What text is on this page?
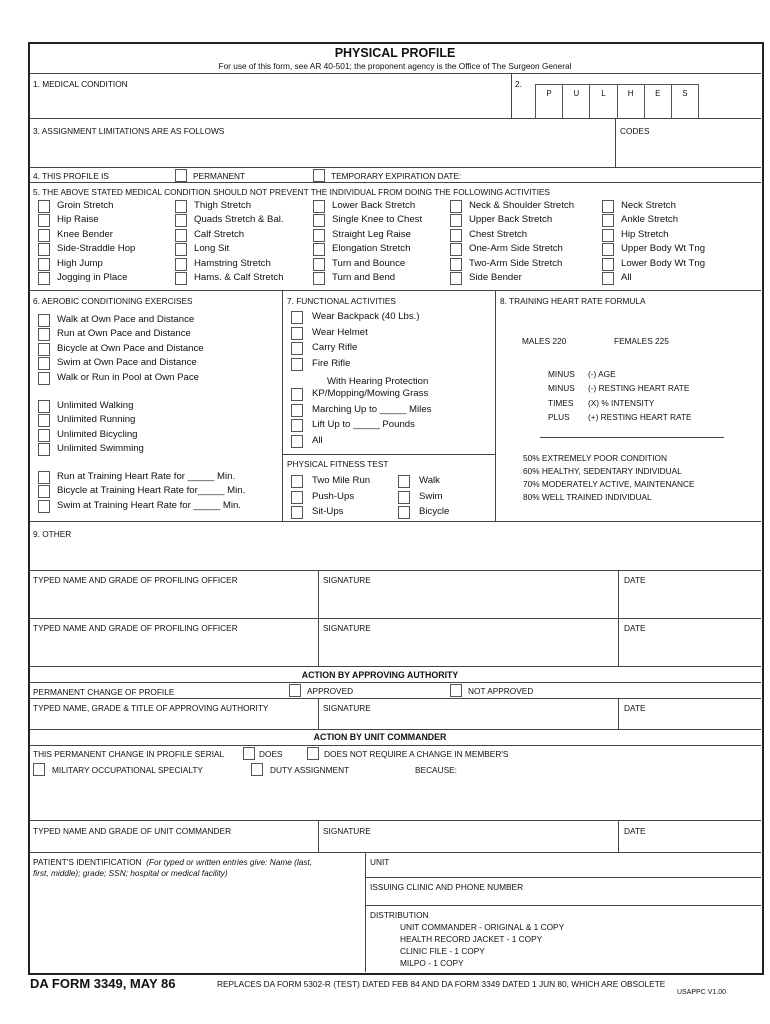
PHYSICAL PROFILE
For use of this form, see AR 40-501; the proponent agency is the Office of The Surgeon General
1. MEDICAL CONDITION	2.
P	U	L	H	E	S
3. ASSIGNMENT LIMITATIONS ARE AS FOLLOWS	CODES
4. THIS PROFILE IS	PERMANENT	TEMPORARY EXPIRATION DATE:
5. THE ABOVE STATED MEDICAL CONDITION SHOULD NOT PREVENT THE INDIVIDUAL FROM DOING THE FOLLOWING ACTIVITIES
6. AEROBIC CONDITIONING EXERCISES	7. FUNCTIONAL ACTIVITIES
With Hearing Protection
PHYSICAL FITNESS TEST
8. TRAINING HEART RATE FORMULA
MALES 220	FEMALES 225
9. OTHER
TYPED NAME AND GRADE OF PROFILING OFFICER	SIGNATURE	DATE
TYPED NAME AND GRADE OF PROFILING OFFICER	SIGNATURE	DATE
ACTION BY APPROVING AUTHORITY
PERMANENT CHANGE OF PROFILE	APPROVED	NOT APPROVED
TYPED NAME, GRADE & TITLE OF APPROVING AUTHORITY	SIGNATURE	DATE
ACTION BY UNIT COMMANDER
THIS PERMANENT CHANGE IN PROFILE SERIAL	DOES	DOES NOT REQUIRE A CHANGE IN MEMBER'S
MILITARY OCCUPATIONAL SPECIALTY	DUTY ASSIGNMENT	BECAUSE:
TYPED NAME AND GRADE OF UNIT COMMANDER	SIGNATURE	DATE
PATIENT'S IDENTIFICATION (For typed or written entries give: Name (last,
first, middle); grade; SSN; hospital or medical facility)
UNIT
ISSUING CLINIC AND PHONE NUMBER
DISTRIBUTION
UNIT COMMANDER - ORIGINAL & 1 COPY
HEALTH RECORD JACKET - 1 COPY
CLINIC FILE - 1 COPY
MILPO - 1 COPY
DA FORM 3349, MAY 86	REPLACES DA FORM 5302-R (TEST) DATED FEB 84 AND DA FORM 3349 DATED 1 JUN 80, WHICH ARE OBSOLETE
USAPPC V1.00
Groin Stretch
Hip Raise
Knee Bender
Side-Straddle Hop
High Jump
Jogging in Place
Thigh Stretch
Quads Stretch & Bal.
Calf Stretch
Long Sit
Hamstring Stretch
Hams. & Calf Stretch
Lower Back Stretch
Single Knee to Chest
Straight Leg Raise
Elongation Stretch
Turn and Bounce
Turn and Bend
Neck & Shoulder Stretch
Upper Back Stretch
Chest Stretch
One-Arm Side Stretch
Two-Arm Side Stretch
Side Bender
Neck Stretch
Ankle Stretch
Hip Stretch
Upper Body Wt Tng
Lower Body Wt Tng
All
Walk at Own Pace and Distance
Run at Own Pace and Distance
Bicycle at Own Pace and Distance
Swim at Own Pace and Distance
Walk or Run in Pool at Own Pace
Unlimited Walking
Unlimited Running
Unlimited Bicycling
Unlimited Swimming
Run at Training Heart Rate for _____ Min.
Bicycle at Training Heart Rate for_____ Min.
Swim at Training Heart Rate for _____ Min.
Wear Backpack (40 Lbs.)
Wear Helmet
Carry Rifle
Fire Rifle
KP/Mopping/Mowing Grass
Marching Up to _____ Miles
Lift Up to _____ Pounds
All
Two Mile Run
Push-Ups
Sit-Ups
Walk
Swim
Bicycle
MINUS (-) AGE
MINUS (-) RESTING HEART RATE
TIMES (X) % INTENSITY
PLUS (+) RESTING HEART RATE
50% EXTREMELY POOR CONDITION
60% HEALTHY, SEDENTARY INDIVIDUAL
70% MODERATELY ACTIVE, MAINTENANCE
80% WELL TRAINED INDIVIDUAL
